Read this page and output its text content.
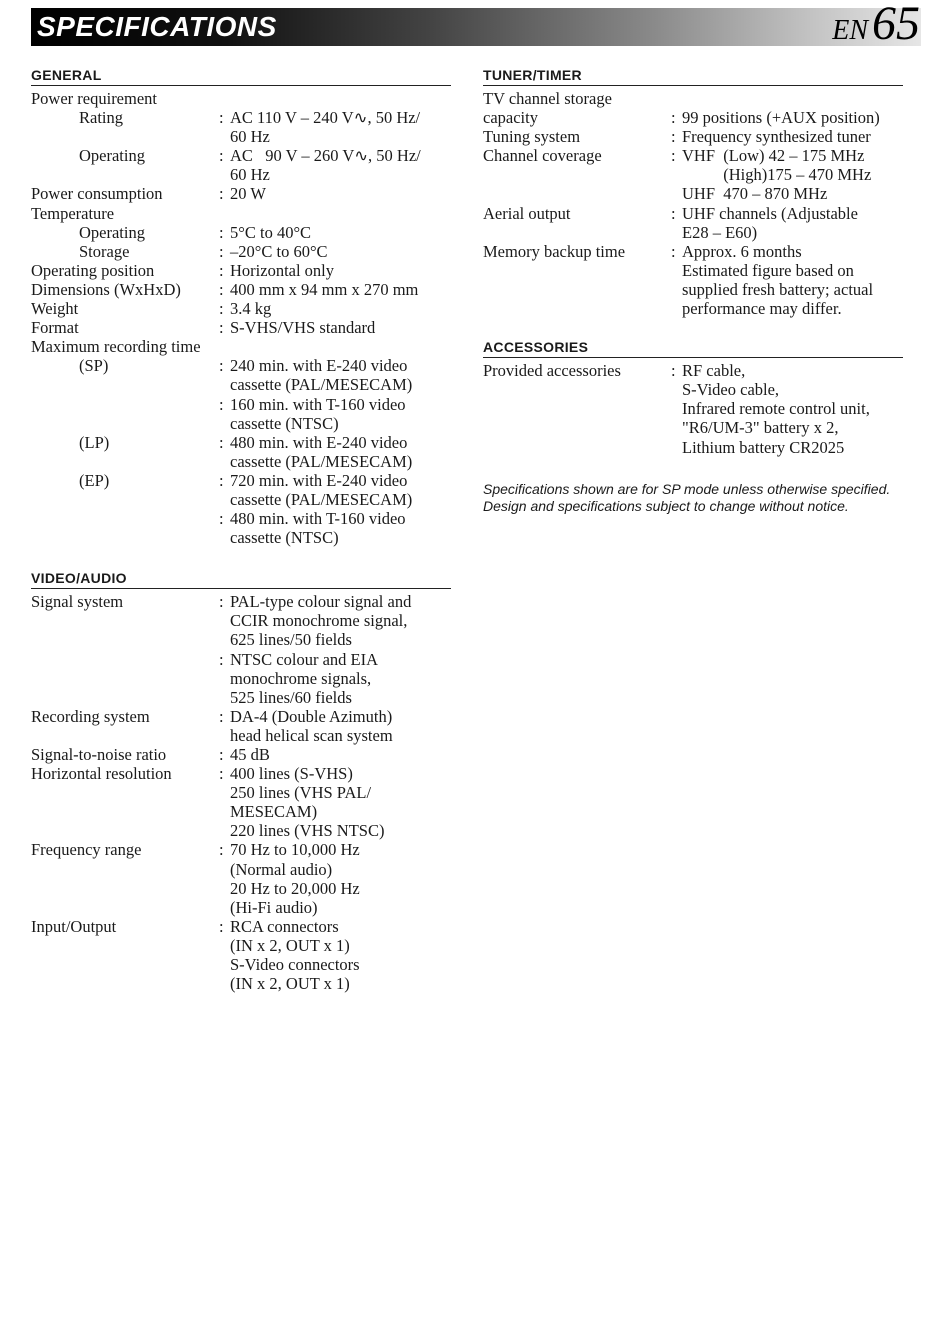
SPECIFICATIONS	EN65
GENERAL
Power requirement
Rating	: AC 110 V – 240 V∿, 50 Hz/
60 Hz
Operating	: AC   90 V – 260 V∿, 50 Hz/
60 Hz
Power consumption	: 20 W
Temperature
Operating	: 5°C to 40°C
Storage	: –20°C to 60°C
Operating position	: Horizontal only
Dimensions (WxHxD)	: 400 mm x 94 mm x 270 mm
Weight	: 3.4 kg
Format	: S-VHS/VHS standard
Maximum recording time
(SP)	: 240 min. with E-240 video
cassette (PAL/MESECAM)
: 160 min. with T-160 video
cassette (NTSC)
(LP)	: 480 min. with E-240 video
cassette (PAL/MESECAM)
(EP)	: 720 min. with E-240 video
cassette (PAL/MESECAM)
: 480 min. with T-160 video
cassette (NTSC)
VIDEO/AUDIO
Signal system	: PAL-type colour signal and
CCIR monochrome signal,
625 lines/50 fields
: NTSC colour and EIA
monochrome signals,
525 lines/60 fields
Recording system	: DA-4 (Double Azimuth)
head helical scan system
Signal-to-noise ratio	: 45 dB
Horizontal resolution	: 400 lines (S-VHS)
250 lines (VHS PAL/
MESECAM)
220 lines (VHS NTSC)
Frequency range	: 70 Hz to 10,000 Hz
(Normal audio)
20 Hz to 20,000 Hz
(Hi-Fi audio)
Input/Output	: RCA connectors
(IN x 2, OUT x 1)
S-Video connectors
(IN x 2, OUT x 1)
TUNER/TIMER
TV channel storage
capacity	: 99 positions (+AUX position)
Tuning system	: Frequency synthesized tuner
Channel coverage	: VHF  (Low) 42 – 175 MHz
(High)175 – 470 MHz
UHF  470 – 870 MHz
Aerial output	: UHF channels (Adjustable
E28 – E60)
Memory backup time	: Approx. 6 months
Estimated figure based on
supplied fresh battery; actual
performance may differ.
ACCESSORIES
Provided accessories	: RF cable,
S-Video cable,
Infrared remote control unit,
"R6/UM-3" battery x 2,
Lithium battery CR2025
Specifications shown are for SP mode unless otherwise specified.
Design and specifications subject to change without notice.
